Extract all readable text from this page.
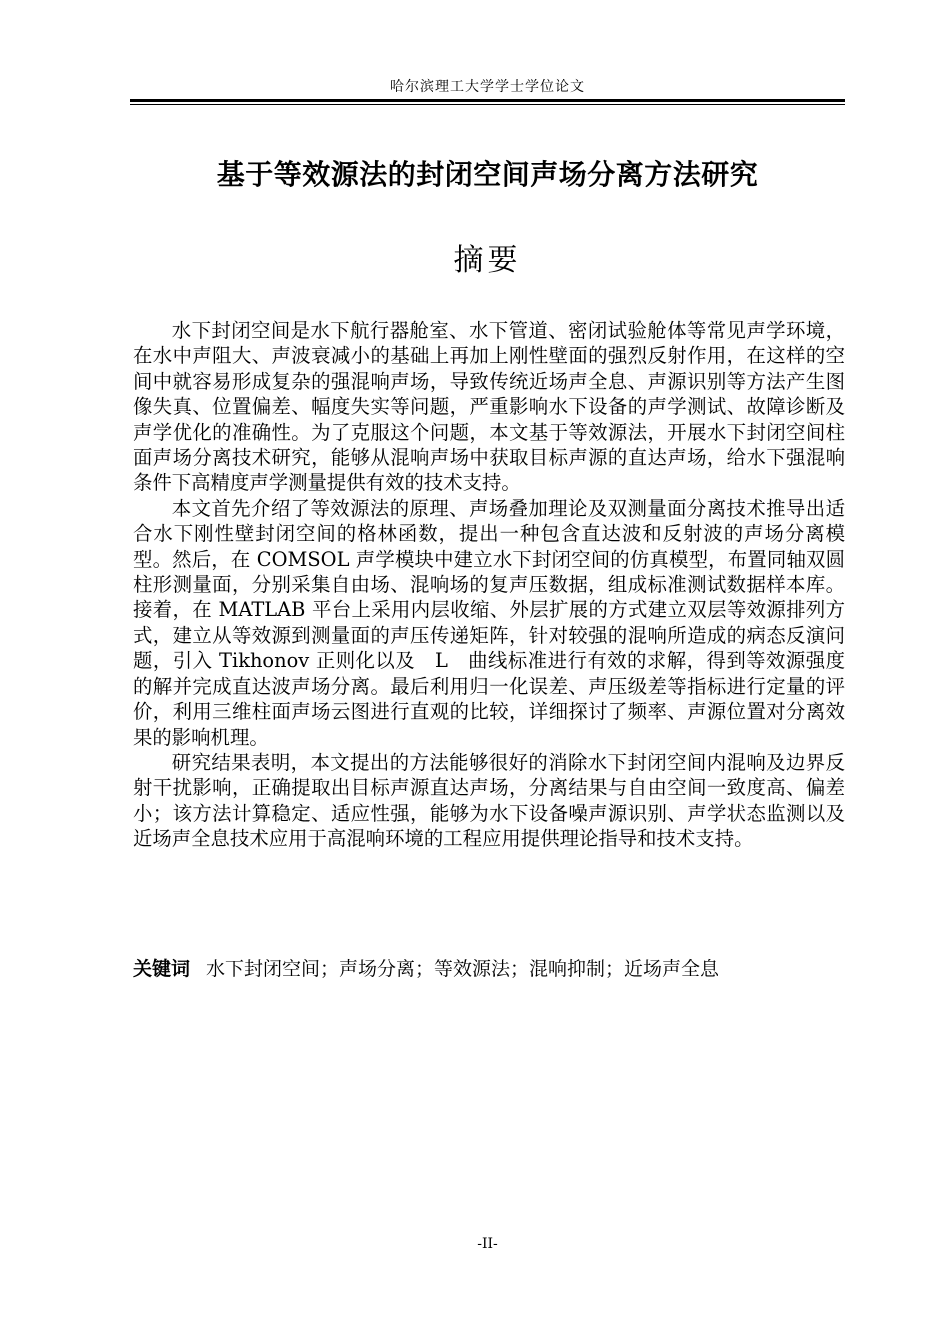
哈尔滨理工大学学士学位论文
基于等效源法的封闭空间声场分离方法研究
摘要

水下封闭空间是水下航行器舱室、水下管道、密闭试验舱体等常见声学环境，在水中声阻大、声波衰减小的基础上再加上刚性壁面的强烈反射作用，在这样的空间中就容易形成复杂的强混响声场，导致传统近场声全息、声源识别等方法产生图像失真、位置偏差、幅度失实等问题，严重影响水下设备的声学测试、故障诊断及声学优化的准确性。为了克服这个问题，本文基于等效源法，开展水下封闭空间柱面声场分离技术研究，能够从混响声场中获取目标声源的直达声场，给水下强混响条件下高精度声学测量提供有效的技术支持。

本文首先介绍了等效源法的原理、声场叠加理论及双测量面分离技术推导出适合水下刚性壁封闭空间的格林函数，提出一种包含直达波和反射波的声场分离模型。然后，在 COMSOL 声学模块中建立水下封闭空间的仿真模型，布置同轴双圆柱形测量面，分别采集自由场、混响场的复声压数据，组成标准测试数据样本库。接着，在 MATLAB 平台上采用内层收缩、外层扩展的方式建立双层等效源排列方式，建立从等效源到测量面的声压传递矩阵，针对较强的混响所造成的病态反演问题，引入 Tikhonov 正则化以及　L　曲线标准进行有效的求解，得到等效源强度的解并完成直达波声场分离。最后利用归一化误差、声压级差等指标进行定量的评价，利用三维柱面声场云图进行直观的比较，详细探讨了频率、声源位置对分离效果的影响机理。

研究结果表明，本文提出的方法能够很好的消除水下封闭空间内混响及边界反射干扰影响，正确提取出目标声源直达声场，分离结果与自由空间一致度高、偏差小；该方法计算稳定、适应性强，能够为水下设备噪声源识别、声学状态监测以及近场声全息技术应用于高混响环境的工程应用提供理论指导和技术支持。

关键词 水下封闭空间；声场分离；等效源法；混响抑制；近场声全息
-II-
